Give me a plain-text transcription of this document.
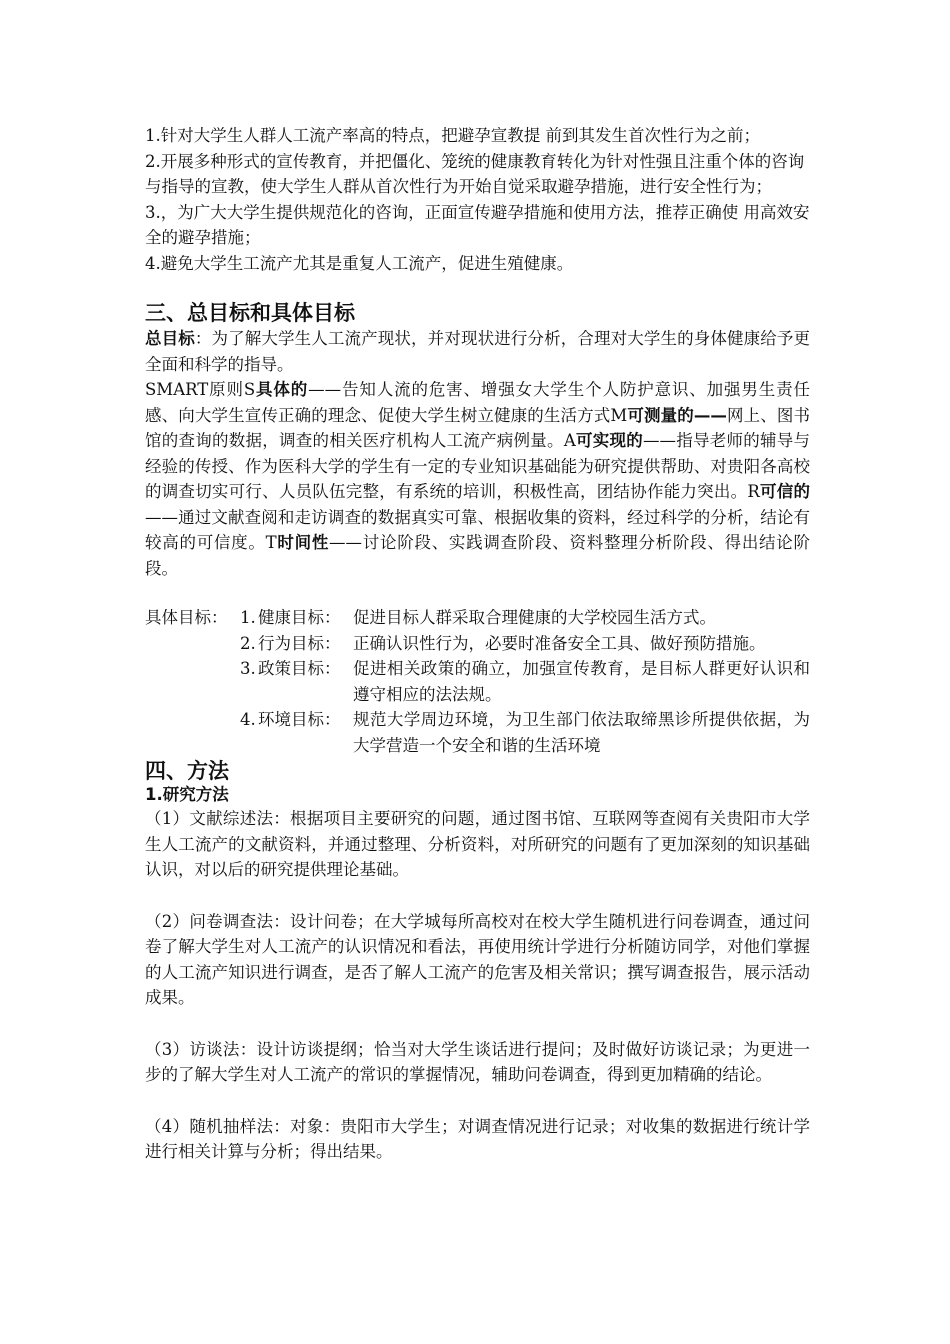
1.针对大学生人群人工流产率高的特点，把避孕宣教提 前到其发生首次性行为之前；

2.开展多种形式的宣传教育，并把僵化、笼统的健康教育转化为针对性强且注重个体的咨询与指导的宣教，使大学生人群从首次性行为开始自觉采取避孕措施，进行安全性行为；

3.，为广大大学生提供规范化的咨询，正面宣传避孕措施和使用方法，推荐正确使 用高效安全的避孕措施；

4.避免大学生工流产尤其是重复人工流产，促进生殖健康。

三、总目标和具体目标

总目标：为了解大学生人工流产现状，并对现状进行分析，合理对大学生的身体健康给予更全面和科学的指导。

SMART原则S具体的——告知人流的危害、增强女大学生个人防护意识、加强男生责任感、向大学生宣传正确的理念、促使大学生树立健康的生活方式M可测量的——网上、图书馆的查询的数据，调查的相关医疗机构人工流产病例量。A可实现的——指导老师的辅导与经验的传授、作为医科大学的学生有一定的专业知识基础能为研究提供帮助、对贵阳各高校的调查切实可行、人员队伍完整，有系统的培训，积极性高，团结协作能力突出。R可信的——通过文献查阅和走访调查的数据真实可靠、根据收集的资料，经过科学的分析，结论有较高的可信度。T时间性——讨论阶段、实践调查阶段、资料整理分析阶段、得出结论阶段。

具体目标： 1. 健康目标： 促进目标人群采取合理健康的大学校园生活方式。
2. 行为目标： 正确认识性行为，必要时准备安全工具、做好预防措施。
3. 政策目标： 促进相关政策的确立，加强宣传教育，是目标人群更好认识和遵守相应的法法规。
4. 环境目标： 规范大学周边环境，为卫生部门依法取缔黑诊所提供依据，为大学营造一个安全和谐的生活环境
四、方法
1.研究方法

（1）文献综述法：根据项目主要研究的问题，通过图书馆、互联网等查阅有关贵阳市大学生人工流产的文献资料，并通过整理、分析资料，对所研究的问题有了更加深刻的知识基础认识，对以后的研究提供理论基础。

（2）问卷调查法：设计问卷；在大学城每所高校对在校大学生随机进行问卷调查，通过问卷了解大学生对人工流产的认识情况和看法，再使用统计学进行分析随访同学，对他们掌握的人工流产知识进行调查，是否了解人工流产的危害及相关常识；撰写调查报告，展示活动成果。

（3）访谈法：设计访谈提纲；恰当对大学生谈话进行提问；及时做好访谈记录；为更进一步的了解大学生对人工流产的常识的掌握情况，辅助问卷调查，得到更加精确的结论。

（4）随机抽样法：对象：贵阳市大学生；对调查情况进行记录；对收集的数据进行统计学进行相关计算与分析；得出结果。
